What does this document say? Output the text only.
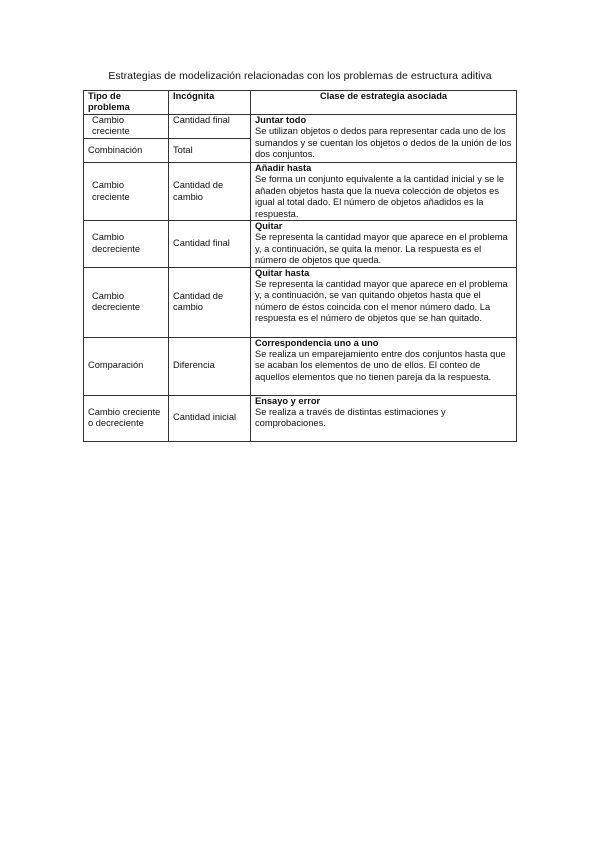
Estrategias de modelización relacionadas con los problemas de estructura aditiva
Tipo de problema	Incógnita	Clase de estrategia asociada
Cambio creciente	Cantidad final	Juntar todo
Se utilizan objetos o dedos para representar cada uno de los sumandos y se cuentan los objetos o dedos de la unión de los dos conjuntos.

Combinación	Total	
Cambio creciente	Cantidad de cambio	Añadir hasta
Se forma un conjunto equivalente a la cantidad inicial y se le añaden objetos hasta que la nueva colección de objetos es igual al total dado. El número de objetos añadidos es la respuesta.

Cambio decreciente	Cantidad final	Quitar
Se representa la cantidad mayor que aparece en el problema y, a continuación, se quita la menor. La respuesta es el número de objetos que queda.

Cambio decreciente	Cantidad de cambio	Quitar hasta
Se representa la cantidad mayor que aparece en el problema y, a continuación, se van quitando objetos hasta que el número de éstos coincida con el menor número dado. La respuesta es el número de objetos que se han quitado.

Comparación	Diferencia	Correspondencia uno a uno
Se realiza un emparejamiento entre dos conjuntos hasta que se acaban los elementos de uno de ellos. El conteo de aquellos elementos que no tienen pareja da la respuesta.

Cambio creciente o decreciente	Cantidad inicial	Ensayo y error
Se realiza a través de distintas estimaciones y comprobaciones.
